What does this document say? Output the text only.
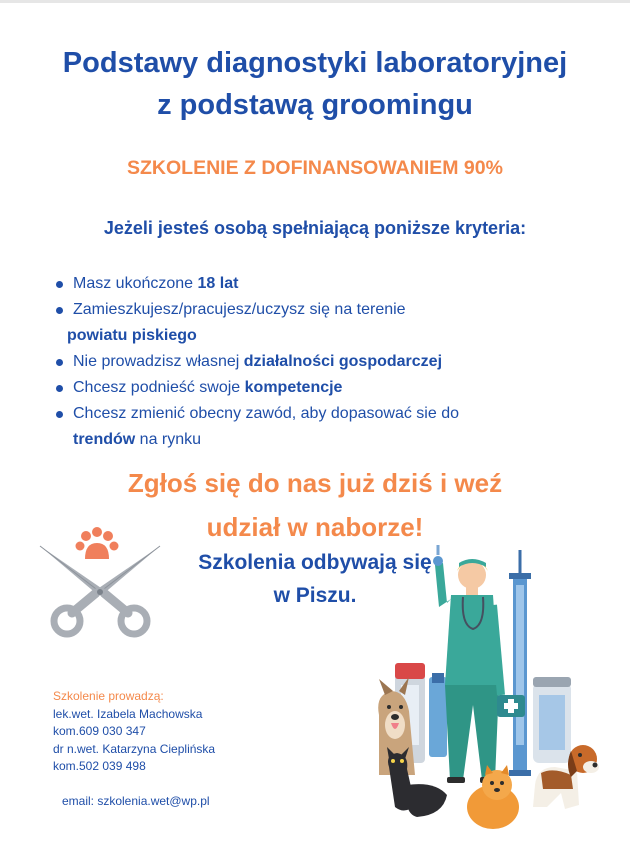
Podstawy diagnostyki laboratoryjnej
z podstawą groomingu
SZKOLENIE Z DOFINANSOWANIEM 90%
Jeżeli jesteś osobą spełniającą poniższe kryteria:
Masz ukończone 18 lat
Zamieszkujesz/pracujesz/uczysz się na terenie
powiatu piskiego
Nie prowadzisz własnej działalności gospodarczej
Chcesz podnieść swoje kompetencje
Chcesz zmienić obecny zawód, aby dopasować sie do
trendów na rynku
Zgłoś się do nas już dziś i weź
udział w naborze!
Szkolenia odbywają się
w Piszu.
Szkolenie prowadzą:
lek.wet. Izabela Machowska
kom.609 030 347
dr n.wet. Katarzyna Cieplińska
kom.502 039 498
email: szkolenia.wet@wp.pl
